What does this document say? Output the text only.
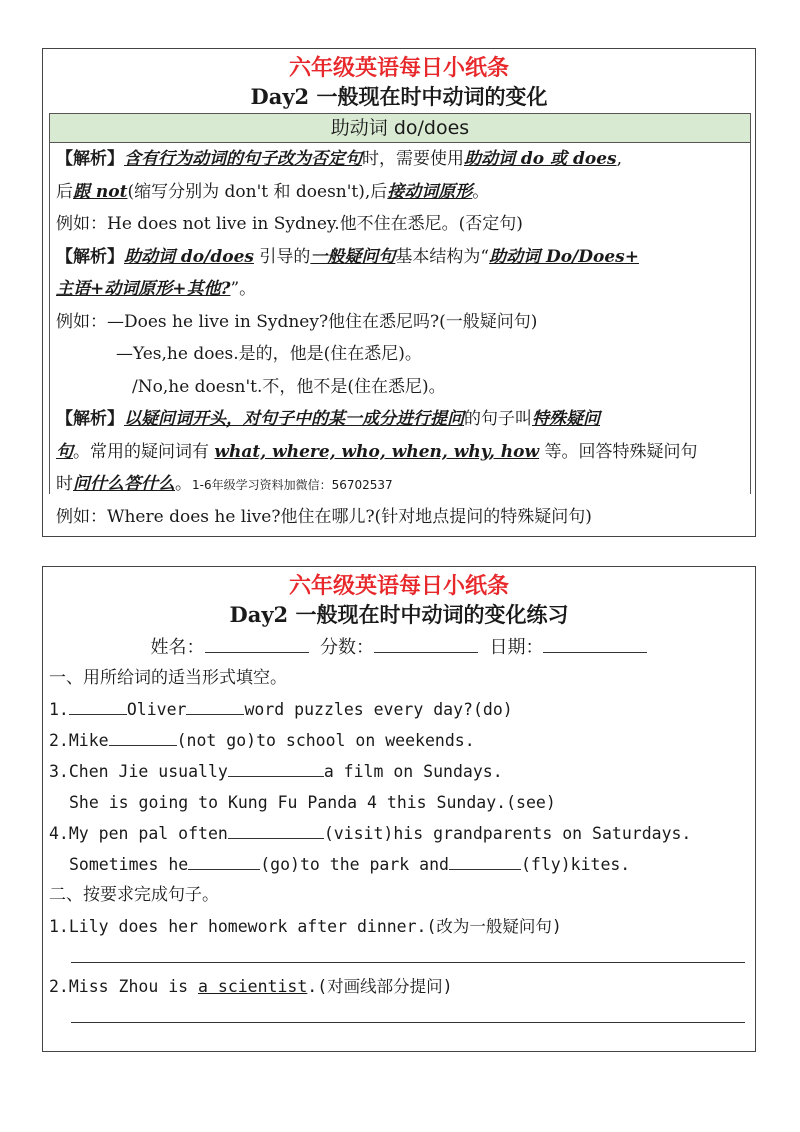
六年级英语每日小纸条
Day2 一般现在时中动词的变化
助动词 do/does
【解析】含有行为动词的句子改为否定句时，需要使用助动词 do 或 does,
后跟 not(缩写分别为 don't 和 doesn't),后接动词原形。
例如：He does not live in Sydney.他不住在悉尼。(否定句)
【解析】助动词 do/does 引导的一般疑问句基本结构为“助动词 Do/Does+
主语+动词原形+其他?”。
例如：—Does he live in Sydney?他住在悉尼吗?(一般疑问句)
—Yes,he does.是的，他是(住在悉尼)。
/No,he doesn't.不，他不是(住在悉尼)。
【解析】以疑问词开头，对句子中的某一成分进行提问的句子叫特殊疑问
句。常用的疑问词有 what, where, who, when, why, how 等。回答特殊疑问句
时问什么答什么。1-6年级学习资料加微信：56702537
例如：Where does he live?他住在哪儿?(针对地点提问的特殊疑问句)
六年级英语每日小纸条
Day2 一般现在时中动词的变化练习
姓名：	分数：	日期：
一、用所给词的适当形式填空。
1.	Oliver	word puzzles every day?(do)
2.Mike	(not go)to school on weekends.
3.Chen Jie usually	a film on Sundays.
She is going to Kung Fu Panda 4 this Sunday.(see)
4.My pen pal often	(visit)his grandparents on Saturdays.
Sometimes he	(go)to the park and	(fly)kites.
二、按要求完成句子。
1.Lily does her homework after dinner.(改为一般疑问句)
2.Miss Zhou is a scientist.(对画线部分提问)
